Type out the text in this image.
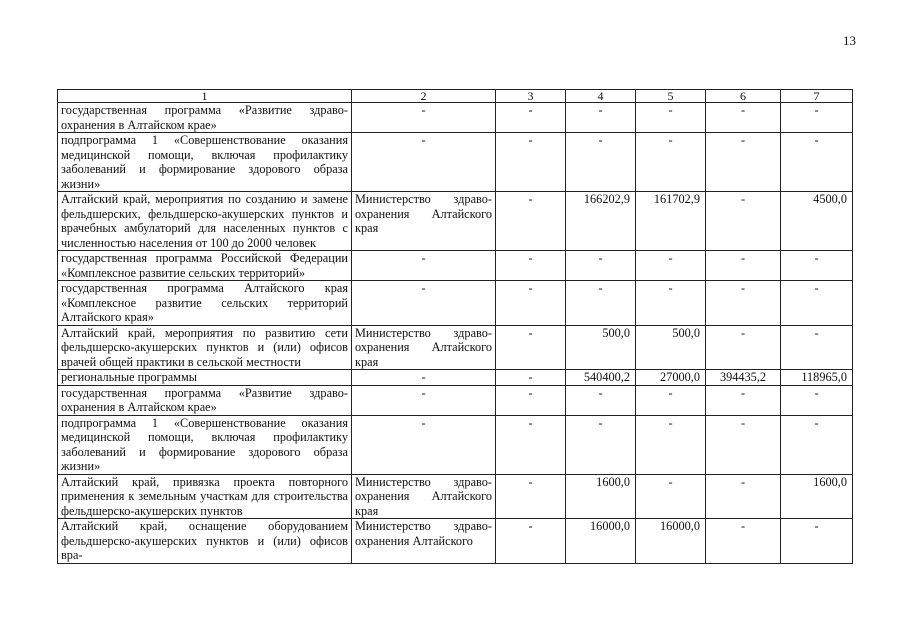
13
1	2	3	4	5	6	7
государственная программа «Развитие здраво-охранения в Алтайском крае»	-	-	-	-	-	-
подпрограмма 1 «Совершенствование оказания медицинской помощи, включая профилактику заболеваний и формирование здорового образа жизни»	-	-	-	-	-	-
Алтайский край, мероприятия по созданию и замене фельдшерских, фельдшерско-акушерских пунктов и врачебных амбулаторий для населенных пунктов с численностью населения от 100 до 2000 человек	Министерство здраво-охранения Алтайского края	-	166202,9	161702,9	-	4500,0
государственная программа Российской Федерации «Комплексное развитие сельских территорий»	-	-	-	-	-	-
государственная программа Алтайского края «Комплексное развитие сельских территорий Алтайского края»	-	-	-	-	-	-
Алтайский край, мероприятия по развитию сети фельдшерско-акушерских пунктов и (или) офисов врачей общей практики в сельской местности	Министерство здраво-охранения Алтайского края	-	500,0	500,0	-	-
региональные программы	-	-	540400,2	27000,0	394435,2	118965,0
государственная программа «Развитие здраво-охранения в Алтайском крае»	-	-	-	-	-	-
подпрограмма 1 «Совершенствование оказания медицинской помощи, включая профилактику заболеваний и формирование здорового образа жизни»	-	-	-	-	-	-
Алтайский край, привязка проекта повторного применения к земельным участкам для строительства фельдшерско-акушерских пунктов	Министерство здраво-охранения Алтайского края	-	1600,0	-	-	1600,0
Алтайский край, оснащение оборудованием фельдшерско-акушерских пунктов и (или) офисов вра-	Министерство здраво-охранения Алтайского	-	16000,0	16000,0	-	-
